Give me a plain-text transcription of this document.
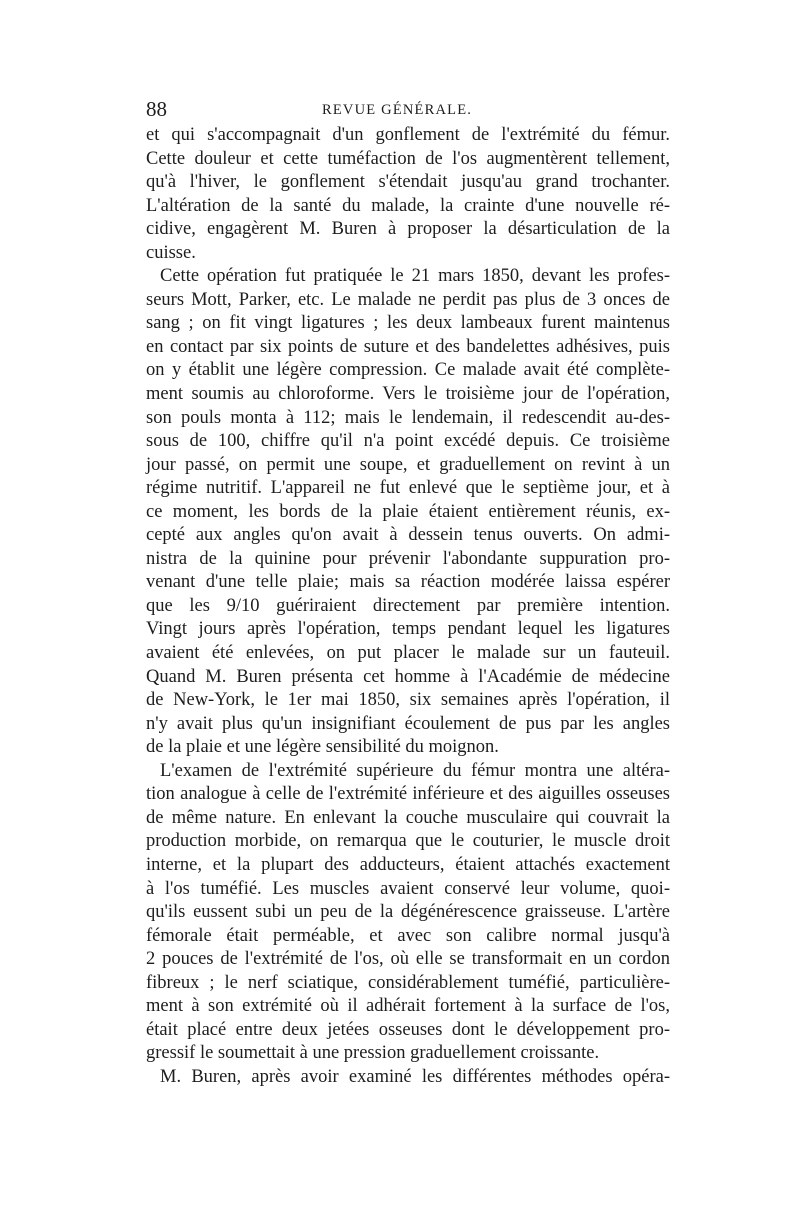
88	REVUE GÉNÉRALE.
et qui s'accompagnait d'un gonflement de l'extrémité du fémur.
Cette douleur et cette tuméfaction de l'os augmentèrent tellement,
qu'à l'hiver, le gonflement s'étendait jusqu'au grand trochanter.
L'altération de la santé du malade, la crainte d'une nouvelle ré-
cidive, engagèrent M. Buren à proposer la désarticulation de la
cuisse.
Cette opération fut pratiquée le 21 mars 1850, devant les profes-
seurs Mott, Parker, etc. Le malade ne perdit pas plus de 3 onces de
sang ; on fit vingt ligatures ; les deux lambeaux furent maintenus
en contact par six points de suture et des bandelettes adhésives, puis
on y établit une légère compression. Ce malade avait été complète-
ment soumis au chloroforme. Vers le troisième jour de l'opération,
son pouls monta à 112; mais le lendemain, il redescendit au-des-
sous de 100, chiffre qu'il n'a point excédé depuis. Ce troisième
jour passé, on permit une soupe, et graduellement on revint à un
régime nutritif. L'appareil ne fut enlevé que le septième jour, et à
ce moment, les bords de la plaie étaient entièrement réunis, ex-
cepté aux angles qu'on avait à dessein tenus ouverts. On admi-
nistra de la quinine pour prévenir l'abondante suppuration pro-
venant d'une telle plaie; mais sa réaction modérée laissa espérer
que les 9/10 guériraient directement par première intention.
Vingt jours après l'opération, temps pendant lequel les ligatures
avaient été enlevées, on put placer le malade sur un fauteuil.
Quand M. Buren présenta cet homme à l'Académie de médecine
de New-York, le 1er mai 1850, six semaines après l'opération, il
n'y avait plus qu'un insignifiant écoulement de pus par les angles
de la plaie et une légère sensibilité du moignon.
L'examen de l'extrémité supérieure du fémur montra une altéra-
tion analogue à celle de l'extrémité inférieure et des aiguilles osseuses
de même nature. En enlevant la couche musculaire qui couvrait la
production morbide, on remarqua que le couturier, le muscle droit
interne, et la plupart des adducteurs, étaient attachés exactement
à l'os tuméfié. Les muscles avaient conservé leur volume, quoi-
qu'ils eussent subi un peu de la dégénérescence graisseuse. L'artère
fémorale était perméable, et avec son calibre normal jusqu'à
2 pouces de l'extrémité de l'os, où elle se transformait en un cordon
fibreux ; le nerf sciatique, considérablement tuméfié, particulière-
ment à son extrémité où il adhérait fortement à la surface de l'os,
était placé entre deux jetées osseuses dont le développement pro-
gressif le soumettait à une pression graduellement croissante.
M. Buren, après avoir examiné les différentes méthodes opéra-
